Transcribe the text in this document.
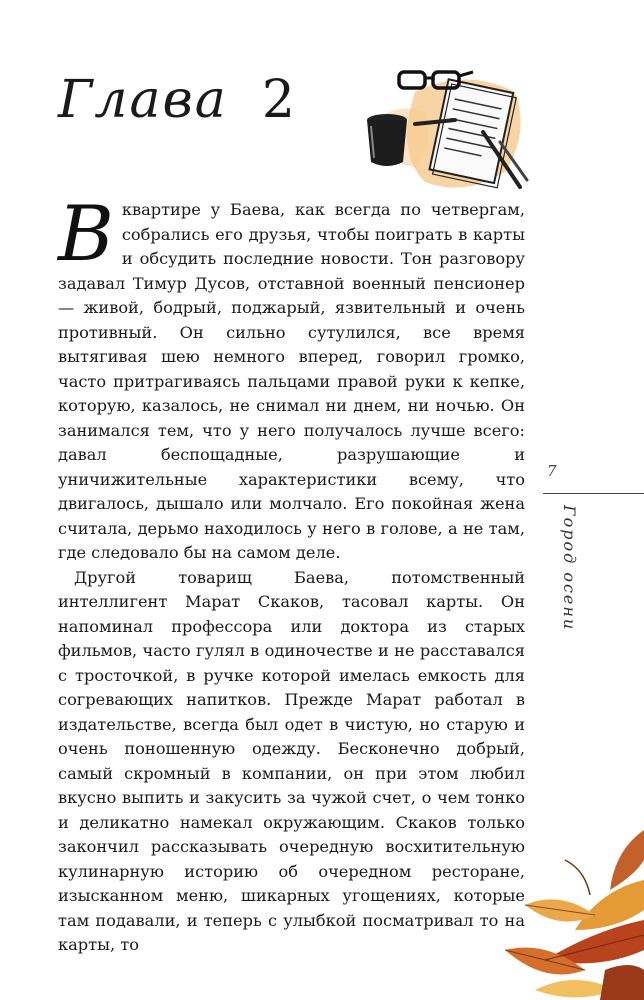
Глава 2

В квартире у Баева, как всегда по четвергам, собрались его друзья, чтобы поиграть в карты и обсудить последние новости. Тон разговору задавал Тимур Дусов, отставной военный пенсионер — живой, бодрый, поджарый, язвительный и очень противный. Он сильно сутулился, все время вытягивая шею немного вперед, говорил громко, часто притрагиваясь пальцами правой руки к кепке, которую, казалось, не снимал ни днем, ни ночью. Он занимался тем, что у него получалось лучше всего: давал беспощадные, разрушающие и уничижительные характеристики всему, что двигалось, дышало или молчало. Его покойная жена считала, дерьмо находилось у него в голове, а не там, где следовало бы на самом деле.

Другой товарищ Баева, потомственный интеллигент Марат Скаков, тасовал карты. Он напоминал профессора или доктора из старых фильмов, часто гулял в одиночестве и не расставался с тросточкой, в ручке которой имелась емкость для согревающих напитков. Прежде Марат работал в издательстве, всегда был одет в чистую, но старую и очень поношенную одежду. Бесконечно добрый, самый скромный в компании, он при этом любил вкусно выпить и закусить за чужой счет, о чем тонко и деликатно намекал окружающим. Скаков только закончил рассказывать очередную восхитительную кулинарную историю об очередном ресторане, изысканном меню, шикарных угощениях, которые там подавали, и теперь с улыбкой посматривал то на карты, то

7
Город осени
